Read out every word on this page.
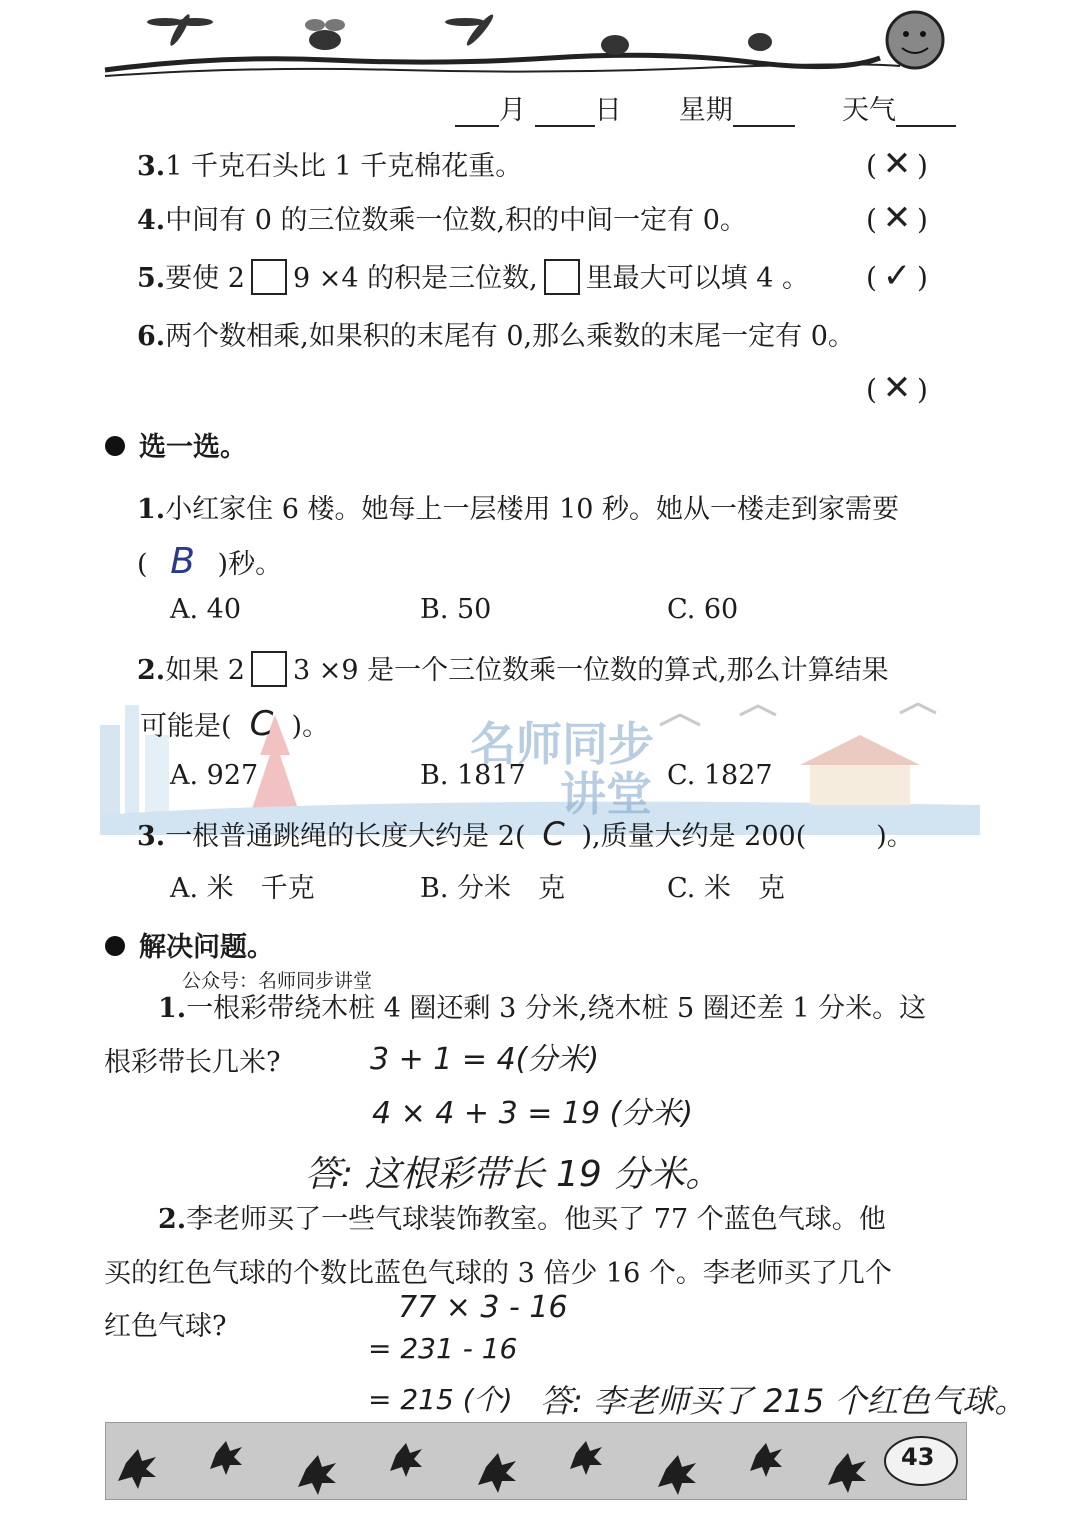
月	日 星期	天气
3.1 千克石头比 1 千克棉花重。	( ✕ )
4.中间有 0 的三位数乘一位数,积的中间一定有 0。	( ✕ )
5.要使 2 9 ×4 的积是三位数, 里最大可以填 4 。 ( ✓ )
6.两个数相乘,如果积的末尾有 0,那么乘数的末尾一定有 0。
( ✕ )
选一选。
1.小红家住 6 楼。她每上一层楼用 10 秒。她从一楼走到家需要
( B )秒。
A. 40	B. 50	C. 60
名师同步
讲堂
2.如果 2 3 ×9 是一个三位数乘一位数的算式,那么计算结果
可能是( C )。
A. 927	B. 1817	C. 1827
3.一根普通跳绳的长度大约是 2( C ),质量大约是 200(	)。
A. 米　千克	B. 分米　克	C. 米　克
解决问题。
公众号：名师同步讲堂
1.一根彩带绕木桩 4 圈还剩 3 分米,绕木桩 5 圈还差 1 分米。这
根彩带长几米?	3 + 1 = 4(分米)
4 × 4 + 3 = 19 (分米)
答: 这根彩带长 19 分米。
2.李老师买了一些气球装饰教室。他买了 77 个蓝色气球。他
买的红色气球的个数比蓝色气球的 3 倍少 16 个。李老师买了几个
红色气球?
77 × 3 - 16
= 231 - 16
= 215 (个) 答: 李老师买了 215 个红色气球。
43
